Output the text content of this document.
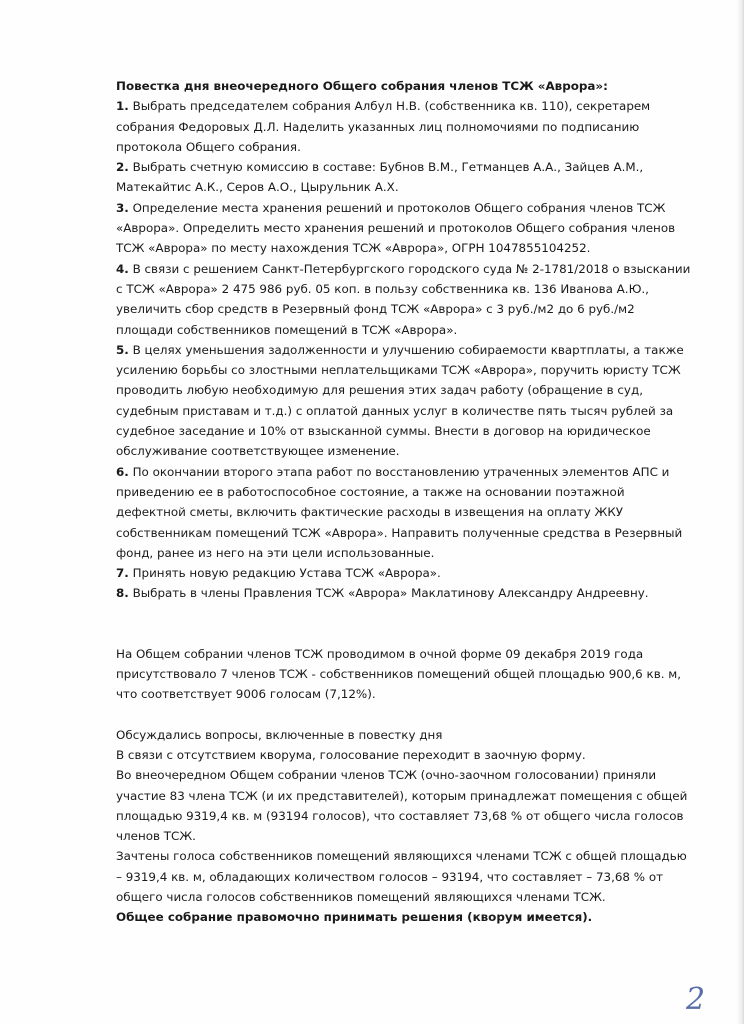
Повестка дня внеочередного Общего собрания членов ТСЖ «Аврора»:
1. Выбрать председателем собрания Албул Н.В. (собственника кв. 110), секретарем собрания Федоровых Д.Л. Наделить указанных лиц полномочиями по подписанию протокола Общего собрания.
2. Выбрать счетную комиссию в составе: Бубнов В.М., Гетманцев А.А., Зайцев А.М., Матекайтис А.К., Серов А.О., Цырульник А.Х.
3. Определение места хранения решений и протоколов Общего собрания членов ТСЖ «Аврора». Определить место хранения решений и протоколов Общего собрания членов ТСЖ «Аврора» по месту нахождения ТСЖ «Аврора», ОГРН 1047855104252.
4. В связи с решением Санкт-Петербургского городского суда № 2-1781/2018 о взыскании с ТСЖ «Аврора» 2 475 986 руб. 05 коп. в пользу собственника кв. 136 Иванова А.Ю., увеличить сбор средств в Резервный фонд ТСЖ «Аврора» с 3 руб./м2 до 6 руб./м2 площади собственников помещений в ТСЖ «Аврора».
5. В целях уменьшения задолженности и улучшению собираемости квартплаты, а также усилению борьбы со злостными неплательщиками ТСЖ «Аврора», поручить юристу ТСЖ проводить любую необходимую для решения этих задач работу (обращение в суд, судебным приставам и т.д.) с оплатой данных услуг в количестве пять тысяч рублей за судебное заседание и 10% от взысканной суммы. Внести в договор на юридическое обслуживание соответствующее изменение.
6. По окончании второго этапа работ по восстановлению утраченных элементов АПС и приведению ее в работоспособное состояние, а также на основании поэтажной дефектной сметы, включить фактические расходы в извещения на оплату ЖКУ собственникам помещений ТСЖ «Аврора». Направить полученные средства в Резервный фонд, ранее из него на эти цели использованные.
7. Принять новую редакцию Устава ТСЖ «Аврора».
8. Выбрать в члены Правления ТСЖ «Аврора» Маклатинову Александру Андреевну.

На Общем собрании членов ТСЖ проводимом в очной форме 09 декабря 2019 года присутствовало 7 членов ТСЖ - собственников помещений общей площадью 900,6 кв. м, что соответствует 9006 голосам (7,12%).

Обсуждались вопросы, включенные в повестку дня

В связи с отсутствием кворума, голосование переходит в заочную форму.

Во внеочередном Общем собрании членов ТСЖ (очно-заочном голосовании) приняли участие 83 члена ТСЖ (и их представителей), которым принадлежат помещения с общей площадью 9319,4 кв. м (93194 голосов), что составляет 73,68 % от общего числа голосов членов ТСЖ.

Зачтены голоса собственников помещений являющихся членами ТСЖ с общей площадью – 9319,4 кв. м, обладающих количеством голосов – 93194, что составляет – 73,68 % от общего числа голосов собственников помещений являющихся членами ТСЖ.

Общее собрание правомочно принимать решения (кворум имеется).

2
